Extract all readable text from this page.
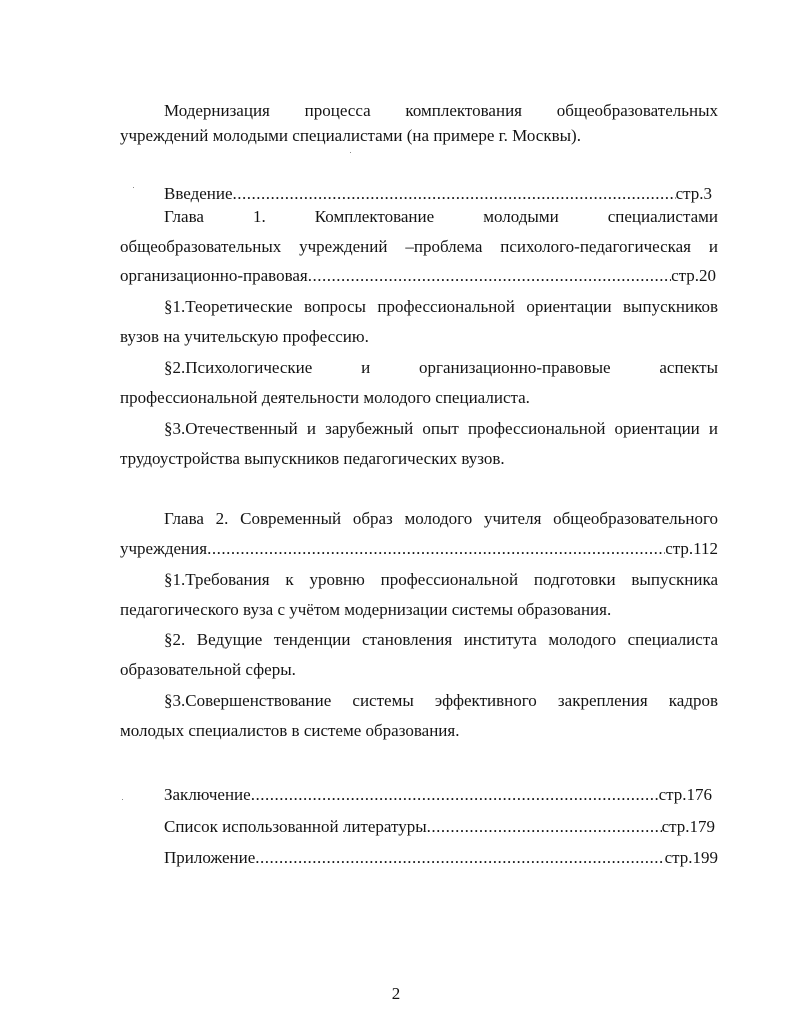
Модернизация процесса комплектования общеобразовательных
учреждений молодыми специалистами (на примере г. Москвы).
Введение .....	стр.3
Глава 1. Комплектование молодыми специалистами
общеобразовательных учреждений –проблема психолого-педагогическая и
организационно-правовая .....	стр.20
§1.Теоретические вопросы профессиональной ориентации выпускников
вузов на учительскую профессию.
§2.Психологические и организационно-правовые аспекты
профессиональной деятельности молодого специалиста.
§3.Отечественный и зарубежный опыт профессиональной ориентации и
трудоустройства выпускников педагогических вузов.
Глава 2. Современный образ молодого учителя общеобразовательного
учреждения .....	стр.112
§1.Требования к уровню профессиональной подготовки выпускника
педагогического вуза с учётом модернизации системы образования.
§2. Ведущие тенденции становления института молодого специалиста
образовательной сферы.
§3.Совершенствование системы эффективного закрепления кадров
молодых специалистов в системе образования.
Заключение .....	стр.176
Список использованной литературы .....	стр.179
Приложение .....	стр.199
2
